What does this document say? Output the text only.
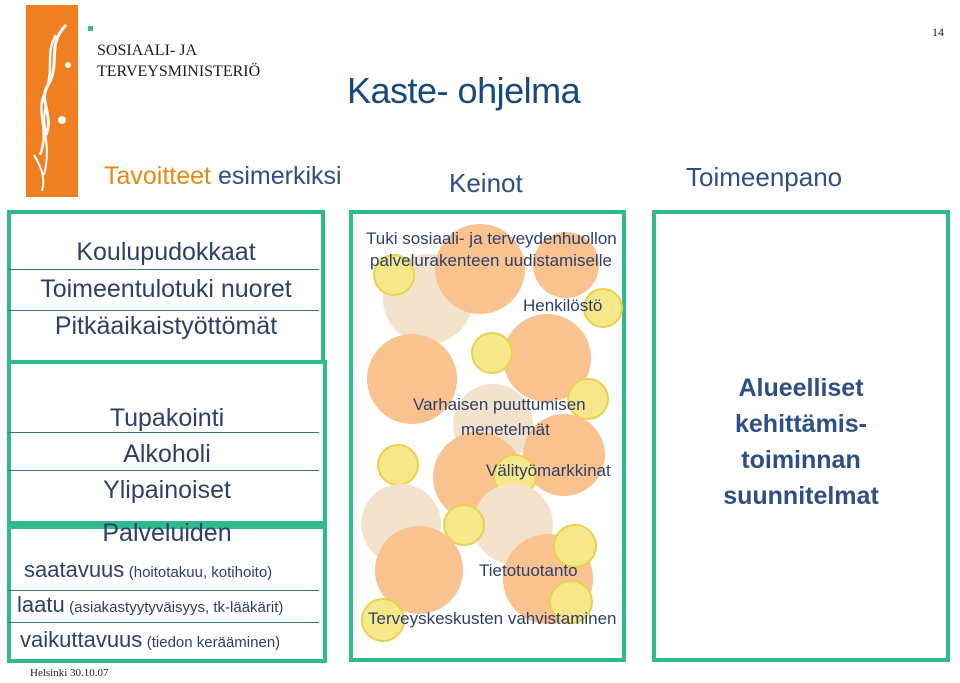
SOSIAALI- JA
TERVEYSMINISTERIÖ
14
Kaste- ohjelma
Tavoitteet esimerkiksi	Keinot	Toimeenpano
Koulupudokkaat
Toimeentulotuki nuoret
Pitkäaikaistyöttömät
Tupakointi
Alkoholi
Ylipainoiset
Palveluiden
saatavuus (hoitotakuu, kotihoito)
laatu (asiakastyytyväisyys, tk-lääkärit)
vaikuttavuus (tiedon kerääminen)
Tuki sosiaali- ja terveydenhuollon
palvelurakenteen uudistamiselle
Henkilöstö
Varhaisen puuttumisen
menetelmät
Välityömarkkinat
Tietotuotanto
Terveyskeskusten vahvistaminen
Alueelliset
kehittämis-
toiminnan
suunnitelmat
Helsinki 30.10.07
